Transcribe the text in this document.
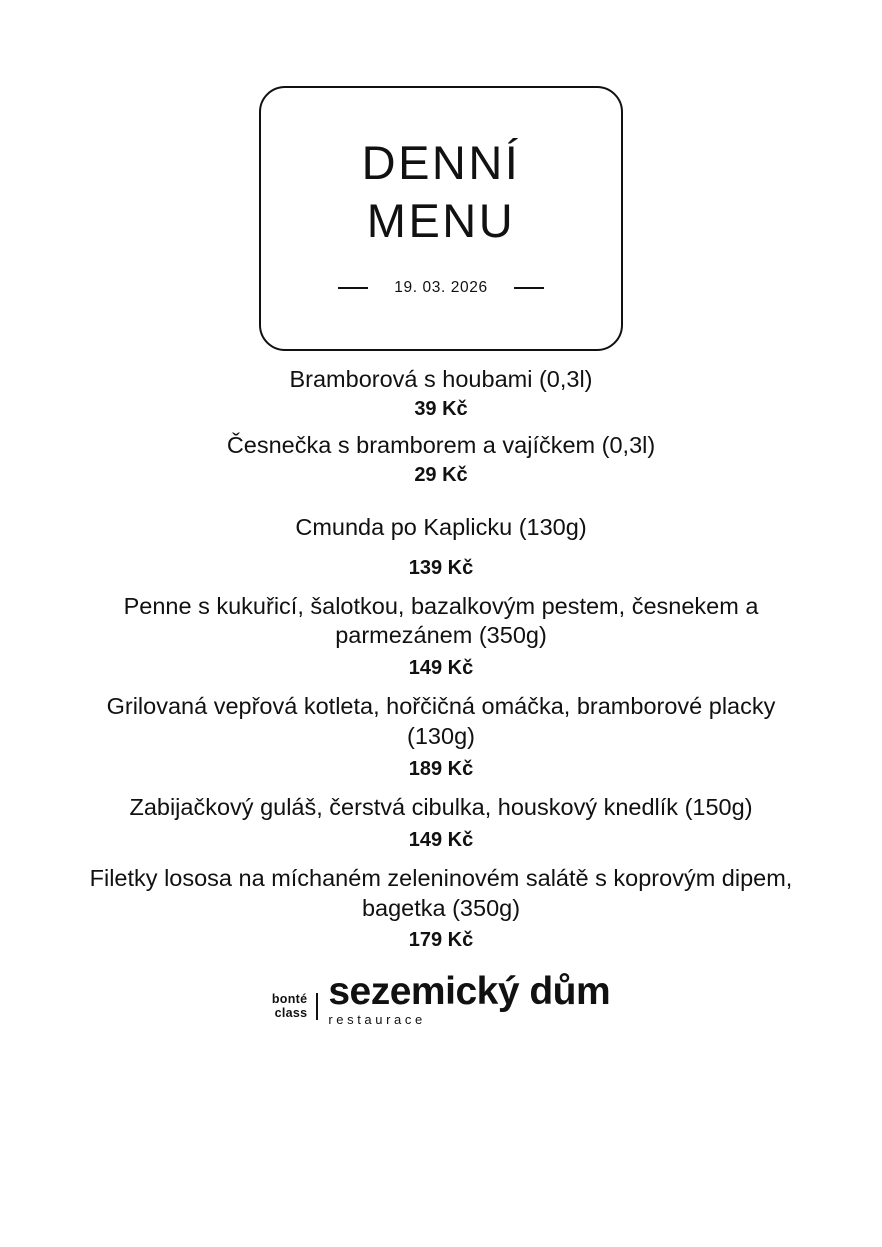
DENNÍ
MENU
19. 03. 2026
Bramborová s houbami (0,3l)
39 Kč
Česnečka s bramborem a vajíčkem (0,3l)
29 Kč
Cmunda po Kaplicku (130g)
139 Kč
Penne s kukuřicí, šalotkou, bazalkovým pestem, česnekem a parmezánem (350g)
149 Kč
Grilovaná vepřová kotleta, hořčičná omáčka, bramborové placky (130g)
189 Kč
Zabijačkový guláš, čerstvá cibulka, houskový knedlík (150g)
149 Kč
Filetky lososa na míchaném zeleninovém salátě s koprovým dipem, bagetka (350g)
179 Kč
bonté
class sezemický dům
restaurace
